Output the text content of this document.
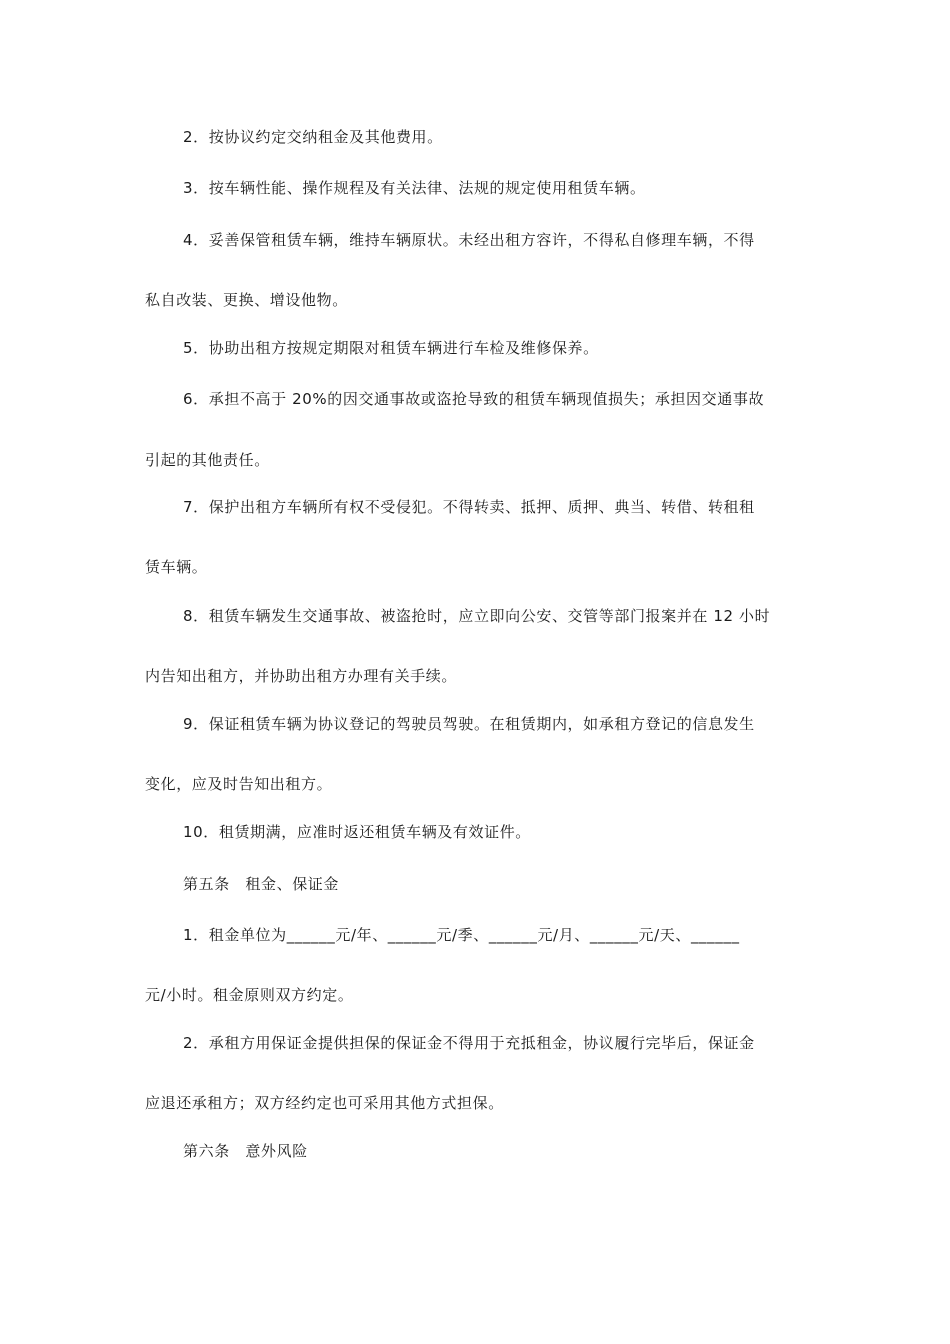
2．按协议约定交纳租金及其他费用。
3．按车辆性能、操作规程及有关法律、法规的规定使用租赁车辆。
4．妥善保管租赁车辆，维持车辆原状。未经出租方容许，不得私自修理车辆，不得
私自改装、更换、增设他物。
5．协助出租方按规定期限对租赁车辆进行车检及维修保养。
6．承担不高于 20%的因交通事故或盗抢导致的租赁车辆现值损失；承担因交通事故
引起的其他责任。
7．保护出租方车辆所有权不受侵犯。不得转卖、抵押、质押、典当、转借、转租租
赁车辆。
8．租赁车辆发生交通事故、被盗抢时，应立即向公安、交管等部门报案并在 12 小时
内告知出租方，并协助出租方办理有关手续。
9．保证租赁车辆为协议登记的驾驶员驾驶。在租赁期内，如承租方登记的信息发生
变化，应及时告知出租方。
10．租赁期满，应准时返还租赁车辆及有效证件。
第五条　租金、保证金
1．租金单位为______元/年、______元/季、______元/月、______元/天、______
元/小时。租金原则双方约定。
2．承租方用保证金提供担保的保证金不得用于充抵租金，协议履行完毕后，保证金
应退还承租方；双方经约定也可采用其他方式担保。
第六条　意外风险
